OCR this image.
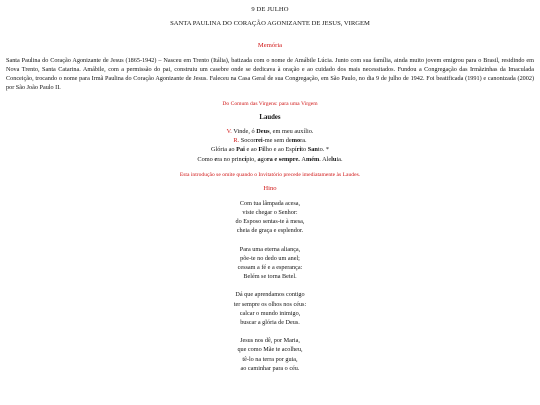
9 DE JULHO

SANTA PAULINA DO CORAÇÃO AGONIZANTE DE JESUS, VIRGEM

Memória

Santa Paulina do Coração Agonizante de Jesus (1865-1942) – Nasceu em Trento (Itália), batizada com o nome de Amábile Lúcia. Junto com sua família, ainda muito jovem emigrou para o Brasil, residindo em Nova Trento, Santa Catarina. Amábile, com a permissão do pai, construiu um casebre onde se dedicava à oração e ao cuidado dos mais necessitados. Fundou a Congregação das Irmãzinhas da Imaculada Conceição, trocando o nome para Irmã Paulina do Coração Agonizante de Jesus. Faleceu na Casa Geral de sua Congregação, em São Paulo, no dia 9 de julho de 1942. Foi beatificada (1991) e canonizada (2002) por São João Paulo II.

Do Comum das Virgens: para uma Virgem

Laudes

V. Vinde, ó Deus, em meu auxílio.
R. Socorrei-me sem demora.
Glória ao Pai e ao Filho e ao Espírito Santo. *
Como era no princípio, agora e sempre. Amém. Aleluia.

Esta introdução se omite quando o Invitatório precede imediatamente às Laudes.

Hino

Com tua lâmpada acesa,
viste chegar o Senhor:
do Esposo sentas-te à mesa,
cheia de graça e esplendor.

Para uma eterna aliança,
põe-te no dedo um anel;
cessam a fé e a esperança:
Belém se torna Betel.

Dá que aprendamos contigo
ter sempre os olhos nos céus:
calcar o mundo inimigo,
buscar a glória de Deus.

Jesus nos dê, por Maria,
que como Mãe te acolheu,
tê-lo na terra por guia,
ao caminhar para o céu.
